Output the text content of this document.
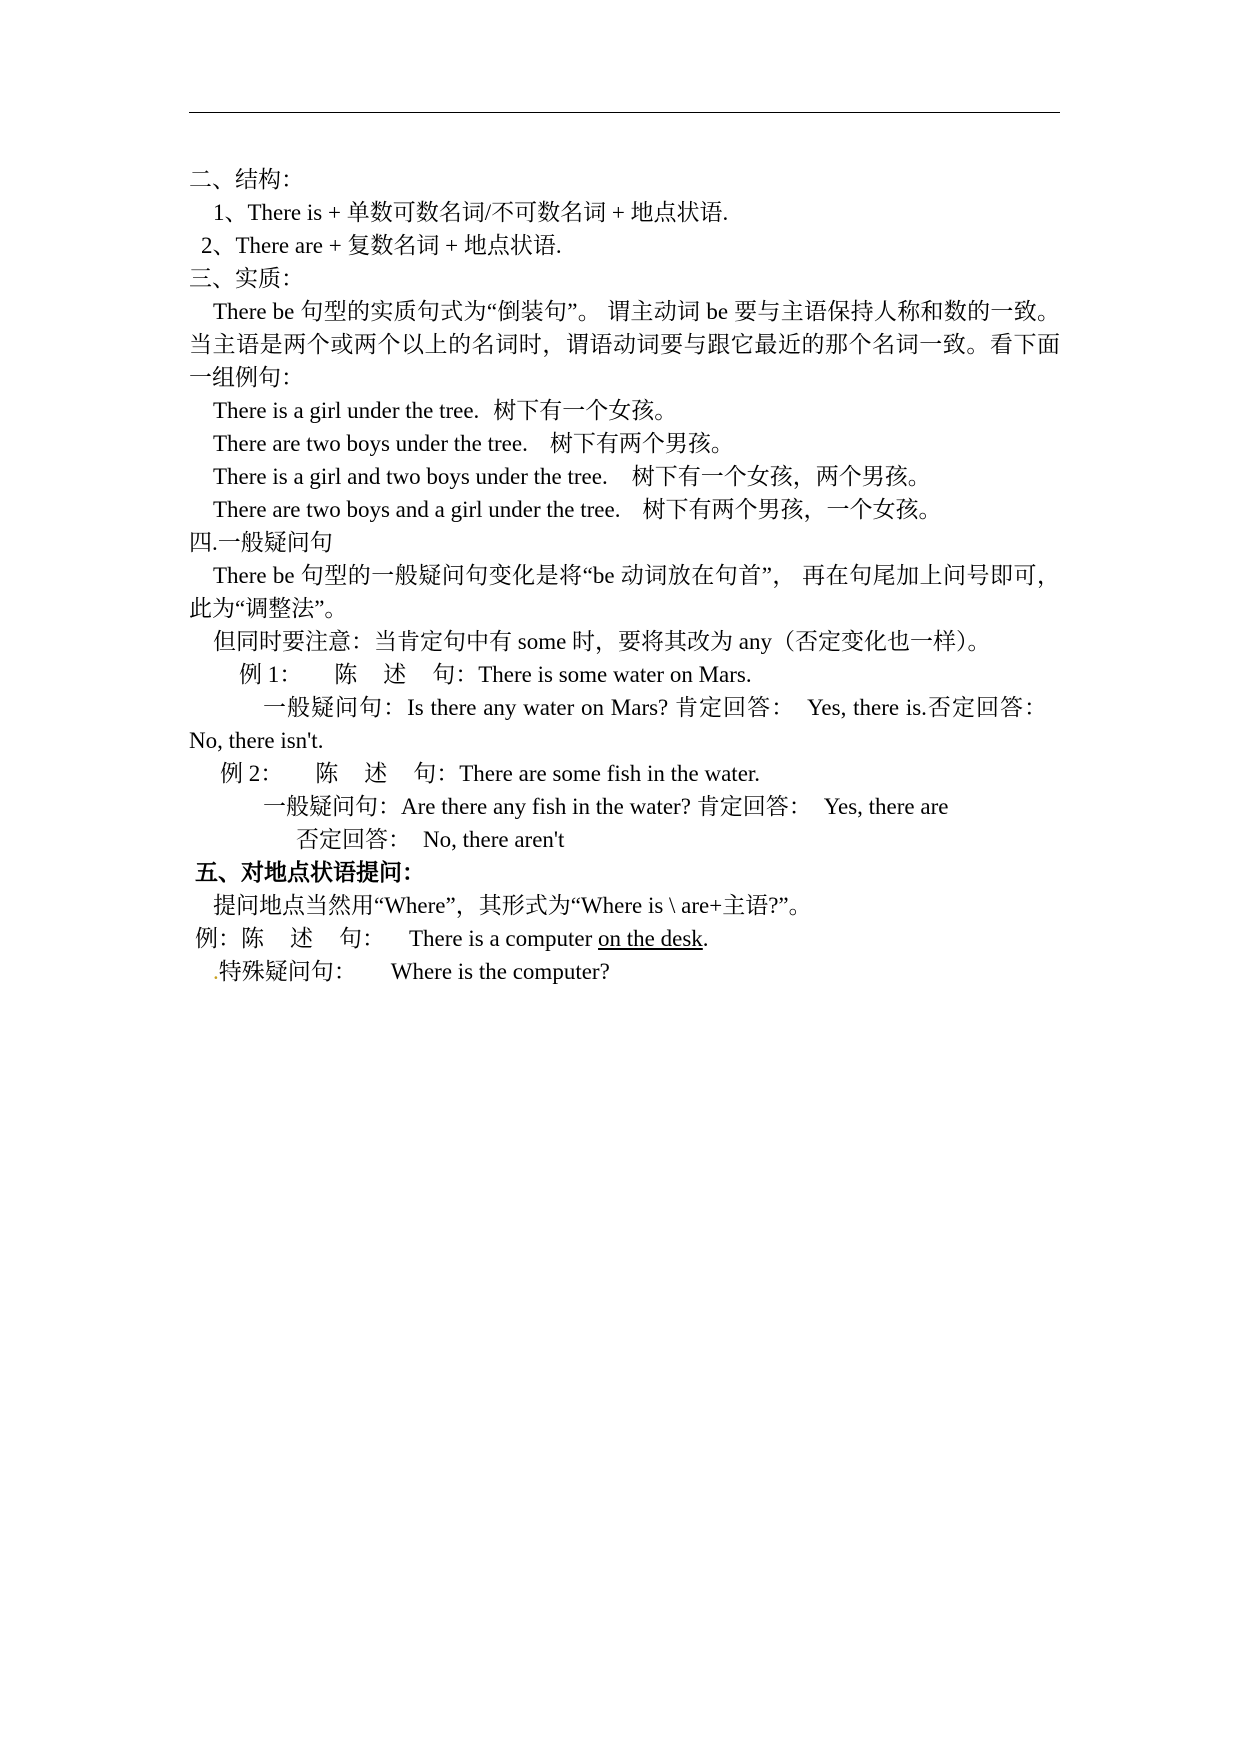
二、结构：
1、There is + 单数可数名词/不可数名词 + 地点状语.
2、There are + 复数名词 + 地点状语.
三、实质：
There be 句型的实质句式为“倒装句”。 谓主动词 be 要与主语保持人称和数的一致。当主语是两个或两个以上的名词时，谓语动词要与跟它最近的那个名词一致。看下面一组例句：
There is a girl under the tree. 树下有一个女孩。
There are two boys under the tree. 树下有两个男孩。
There is a girl and two boys under the tree. 树下有一个女孩，两个男孩。
There are two boys and a girl under the tree. 树下有两个男孩，一个女孩。
四.一般疑问句
There be 句型的一般疑问句变化是将“be 动词放在句首”， 再在句尾加上问号即可，此为“调整法”。
但同时要注意：当肯定句中有 some 时，要将其改为 any（否定变化也一样）。
例 1： 陈 述 句：There is some water on Mars.
一般疑问句：Is there any water on Mars? 肯定回答： Yes, there is.否定回答：No, there isn't.
例 2： 陈 述 句：There are some fish in the water.
一般疑问句：Are there any fish in the water? 肯定回答： Yes, there are
否定回答： No, there aren't
五、对地点状语提问：
提问地点当然用“Where”，其形式为“Where is \ are+主语?”。
例：陈 述 句： There is a computer on the desk.
.特殊疑问句： Where is the computer?
